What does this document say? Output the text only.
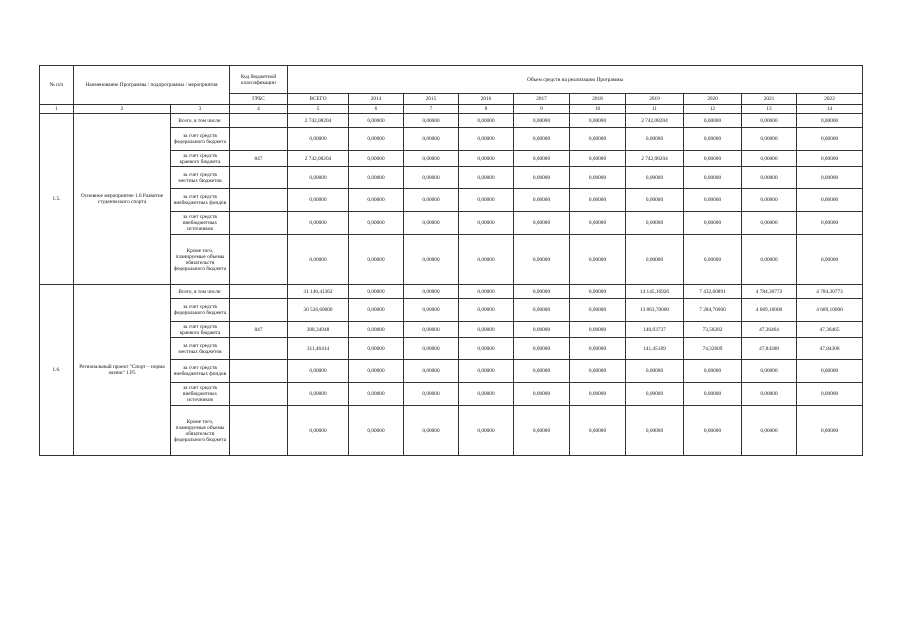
№ п/п	Наименование Программы / подпрограммы / мероприятия		Код бюджетной классификации	Объем средств на реализацию Программы									
			ГРБС	ВСЕГО	2014	2015	2016	2017	2018	2019	2020	2021	2022
1	2	3	4	5	6	7	8	9	10	11	12	13	14
1.5.	Основное мероприятие 1.6 Развитие студенческого спорта	Всего, в том числе:		2 742,08204	0,00000	0,00000	0,00000	0,00000	0,00000	2 742,08204	0,00000	0,00000	0,00000
		за счет средств федерального бюджета		0,00000	0,00000	0,00000	0,00000	0,00000	0,00000	0,00000	0,00000	0,00000	0,00000
		за счет средств краевого бюджета	847	2 742,08204	0,00000	0,00000	0,00000	0,00000	0,00000	2 742,08204	0,00000	0,00000	0,00000
		за счет средств местных бюджетов		0,00000	0,00000	0,00000	0,00000	0,00000	0,00000	0,00000	0,00000	0,00000	0,00000
		за счет средств внебюджетных фондов		0,00000	0,00000	0,00000	0,00000	0,00000	0,00000	0,00000	0,00000	0,00000	0,00000
		за счет средств внебюджетных источников		0,00000	0,00000	0,00000	0,00000	0,00000	0,00000	0,00000	0,00000	0,00000	0,00000
		Кроме того, планируемые объемы обязательств федерального бюджета		0,00000	0,00000	0,00000	0,00000	0,00000	0,00000	0,00000	0,00000	0,00000	0,00000
1.6.	Региональный проект "Спорт – норма жизни" 1.Р5	Всего, в том числе:		31 146,41362	0,00000	0,00000	0,00000	0,00000	0,00000	14 145,16926	7 432,60891	4 784,30772	4 784,30773
		за счет средств федерального бюджета		30 526,60000	0,00000	0,00000	0,00000	0,00000	0,00000	13 863,70000	7 284,70000	4 689,10000	4 689,10000
		за счет средств краевого бюджета	847	308,34948	0,00000	0,00000	0,00000	0,00000	0,00000	140,03737	73,58282	47,36464	47,36465
		за счет средств местных бюджетов		311,46414	0,00000	0,00000	0,00000	0,00000	0,00000	141,45189	74,32609	47,84308	47,84308
		за счет средств внебюджетных фондов		0,00000	0,00000	0,00000	0,00000	0,00000	0,00000	0,00000	0,00000	0,00000	0,00000
		за счет средств внебюджетных источников		0,00000	0,00000	0,00000	0,00000	0,00000	0,00000	0,00000	0,00000	0,00000	0,00000
		Кроме того, планируемые объемы обязательств федерального бюджета		0,00000	0,00000	0,00000	0,00000	0,00000	0,00000	0,00000	0,00000	0,00000	0,00000
